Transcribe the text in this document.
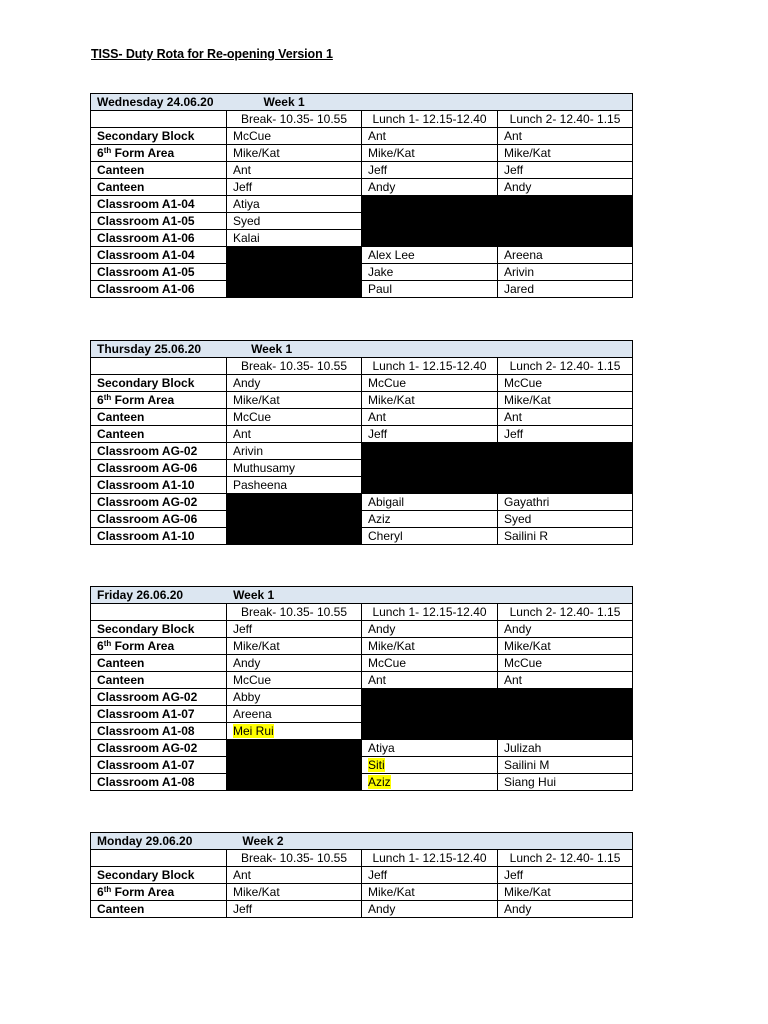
TISS- Duty Rota for Re-opening Version 1
Wednesday 24.06.20 Week 1			
	Break- 10.35- 10.55	Lunch 1- 12.15-12.40	Lunch 2- 12.40- 1.15
Secondary Block	McCue	Ant	Ant
6th Form Area	Mike/Kat	Mike/Kat	Mike/Kat
Canteen	Ant	Jeff	Jeff
Canteen	Jeff	Andy	Andy
Classroom A1-04	Atiya		
Classroom A1-05	Syed		
Classroom A1-06	Kalai		
Classroom A1-04		Alex Lee	Areena
Classroom A1-05		Jake	Arivin
Classroom A1-06		Paul	Jared
Thursday 25.06.20 Week 1			
	Break- 10.35- 10.55	Lunch 1- 12.15-12.40	Lunch 2- 12.40- 1.15
Secondary Block	Andy	McCue	McCue
6th Form Area	Mike/Kat	Mike/Kat	Mike/Kat
Canteen	McCue	Ant	Ant
Canteen	Ant	Jeff	Jeff
Classroom AG-02	Arivin		
Classroom AG-06	Muthusamy		
Classroom A1-10	Pasheena		
Classroom AG-02		Abigail	Gayathri
Classroom AG-06		Aziz	Syed
Classroom A1-10		Cheryl	Sailini R
Friday 26.06.20 Week 1			
	Break- 10.35- 10.55	Lunch 1- 12.15-12.40	Lunch 2- 12.40- 1.15
Secondary Block	Jeff	Andy	Andy
6th Form Area	Mike/Kat	Mike/Kat	Mike/Kat
Canteen	Andy	McCue	McCue
Canteen	McCue	Ant	Ant
Classroom AG-02	Abby		
Classroom A1-07	Areena		
Classroom A1-08	Mei Rui		
Classroom AG-02		Atiya	Julizah
Classroom A1-07		Siti	Sailini M
Classroom A1-08		Aziz	Siang Hui
Monday 29.06.20 Week 2			
	Break- 10.35- 10.55	Lunch 1- 12.15-12.40	Lunch 2- 12.40- 1.15
Secondary Block	Ant	Jeff	Jeff
6th Form Area	Mike/Kat	Mike/Kat	Mike/Kat
Canteen	Jeff	Andy	Andy
